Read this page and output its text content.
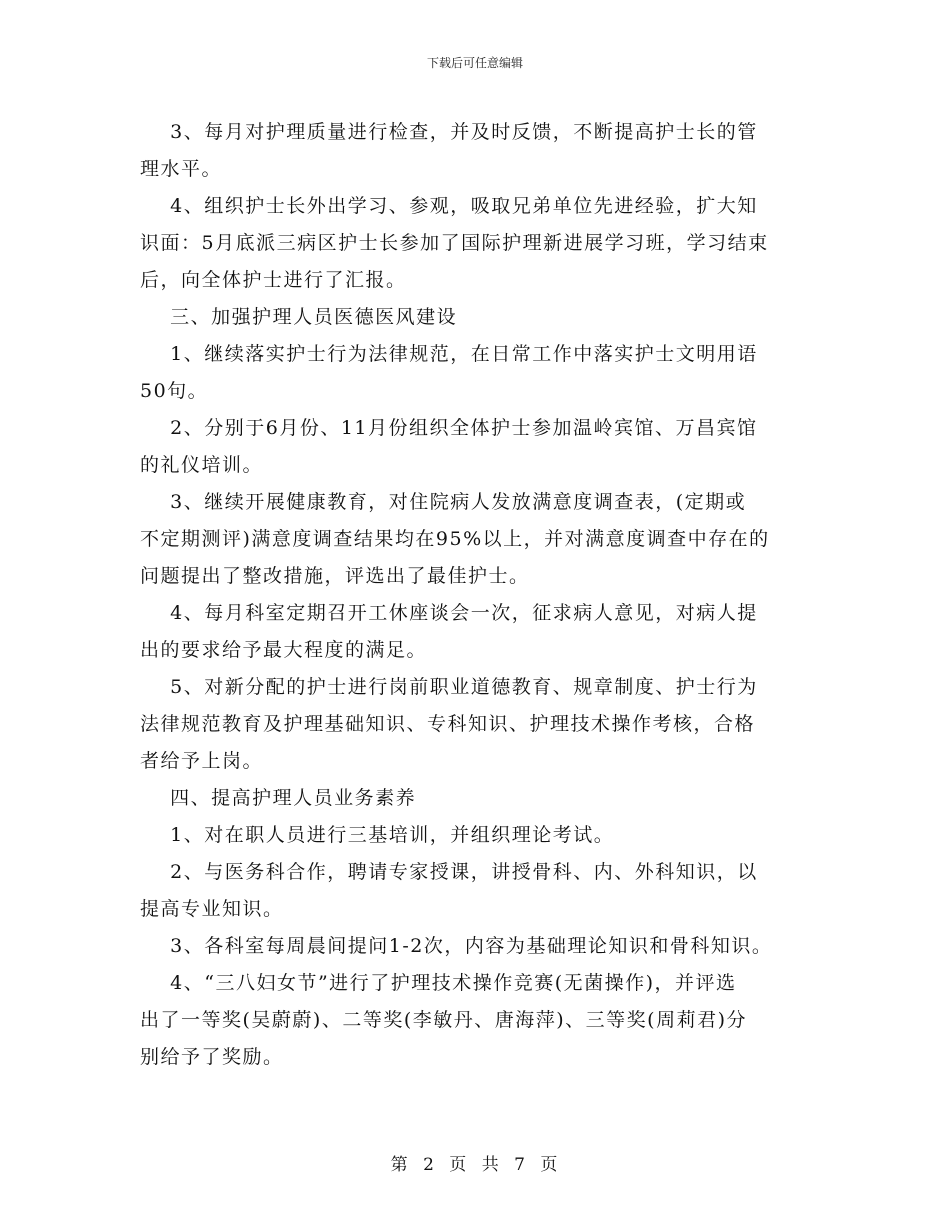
下载后可任意编辑
3、每月对护理质量进行检查，并及时反馈，不断提高护士长的管
理水平。
4、组织护士长外出学习、参观，吸取兄弟单位先进经验，扩大知
识面：5月底派三病区护士长参加了国际护理新进展学习班，学习结束
后，向全体护士进行了汇报。
三、加强护理人员医德医风建设
1、继续落实护士行为法律规范，在日常工作中落实护士文明用语
50句。
2、分别于6月份、11月份组织全体护士参加温岭宾馆、万昌宾馆
的礼仪培训。
3、继续开展健康教育，对住院病人发放满意度调查表，(定期或
不定期测评)满意度调查结果均在95%以上，并对满意度调查中存在的
问题提出了整改措施，评选出了最佳护士。
4、每月科室定期召开工休座谈会一次，征求病人意见，对病人提
出的要求给予最大程度的满足。
5、对新分配的护士进行岗前职业道德教育、规章制度、护士行为
法律规范教育及护理基础知识、专科知识、护理技术操作考核，合格
者给予上岗。
四、提高护理人员业务素养
1、对在职人员进行三基培训，并组织理论考试。
2、与医务科合作，聘请专家授课，讲授骨科、内、外科知识，以
提高专业知识。
3、各科室每周晨间提问1-2次，内容为基础理论知识和骨科知识。
4、“三八妇女节”进行了护理技术操作竞赛(无菌操作)，并评选
出了一等奖(吴蔚蔚)、二等奖(李敏丹、唐海萍)、三等奖(周莉君)分
别给予了奖励。
第 2 页 共 7 页
